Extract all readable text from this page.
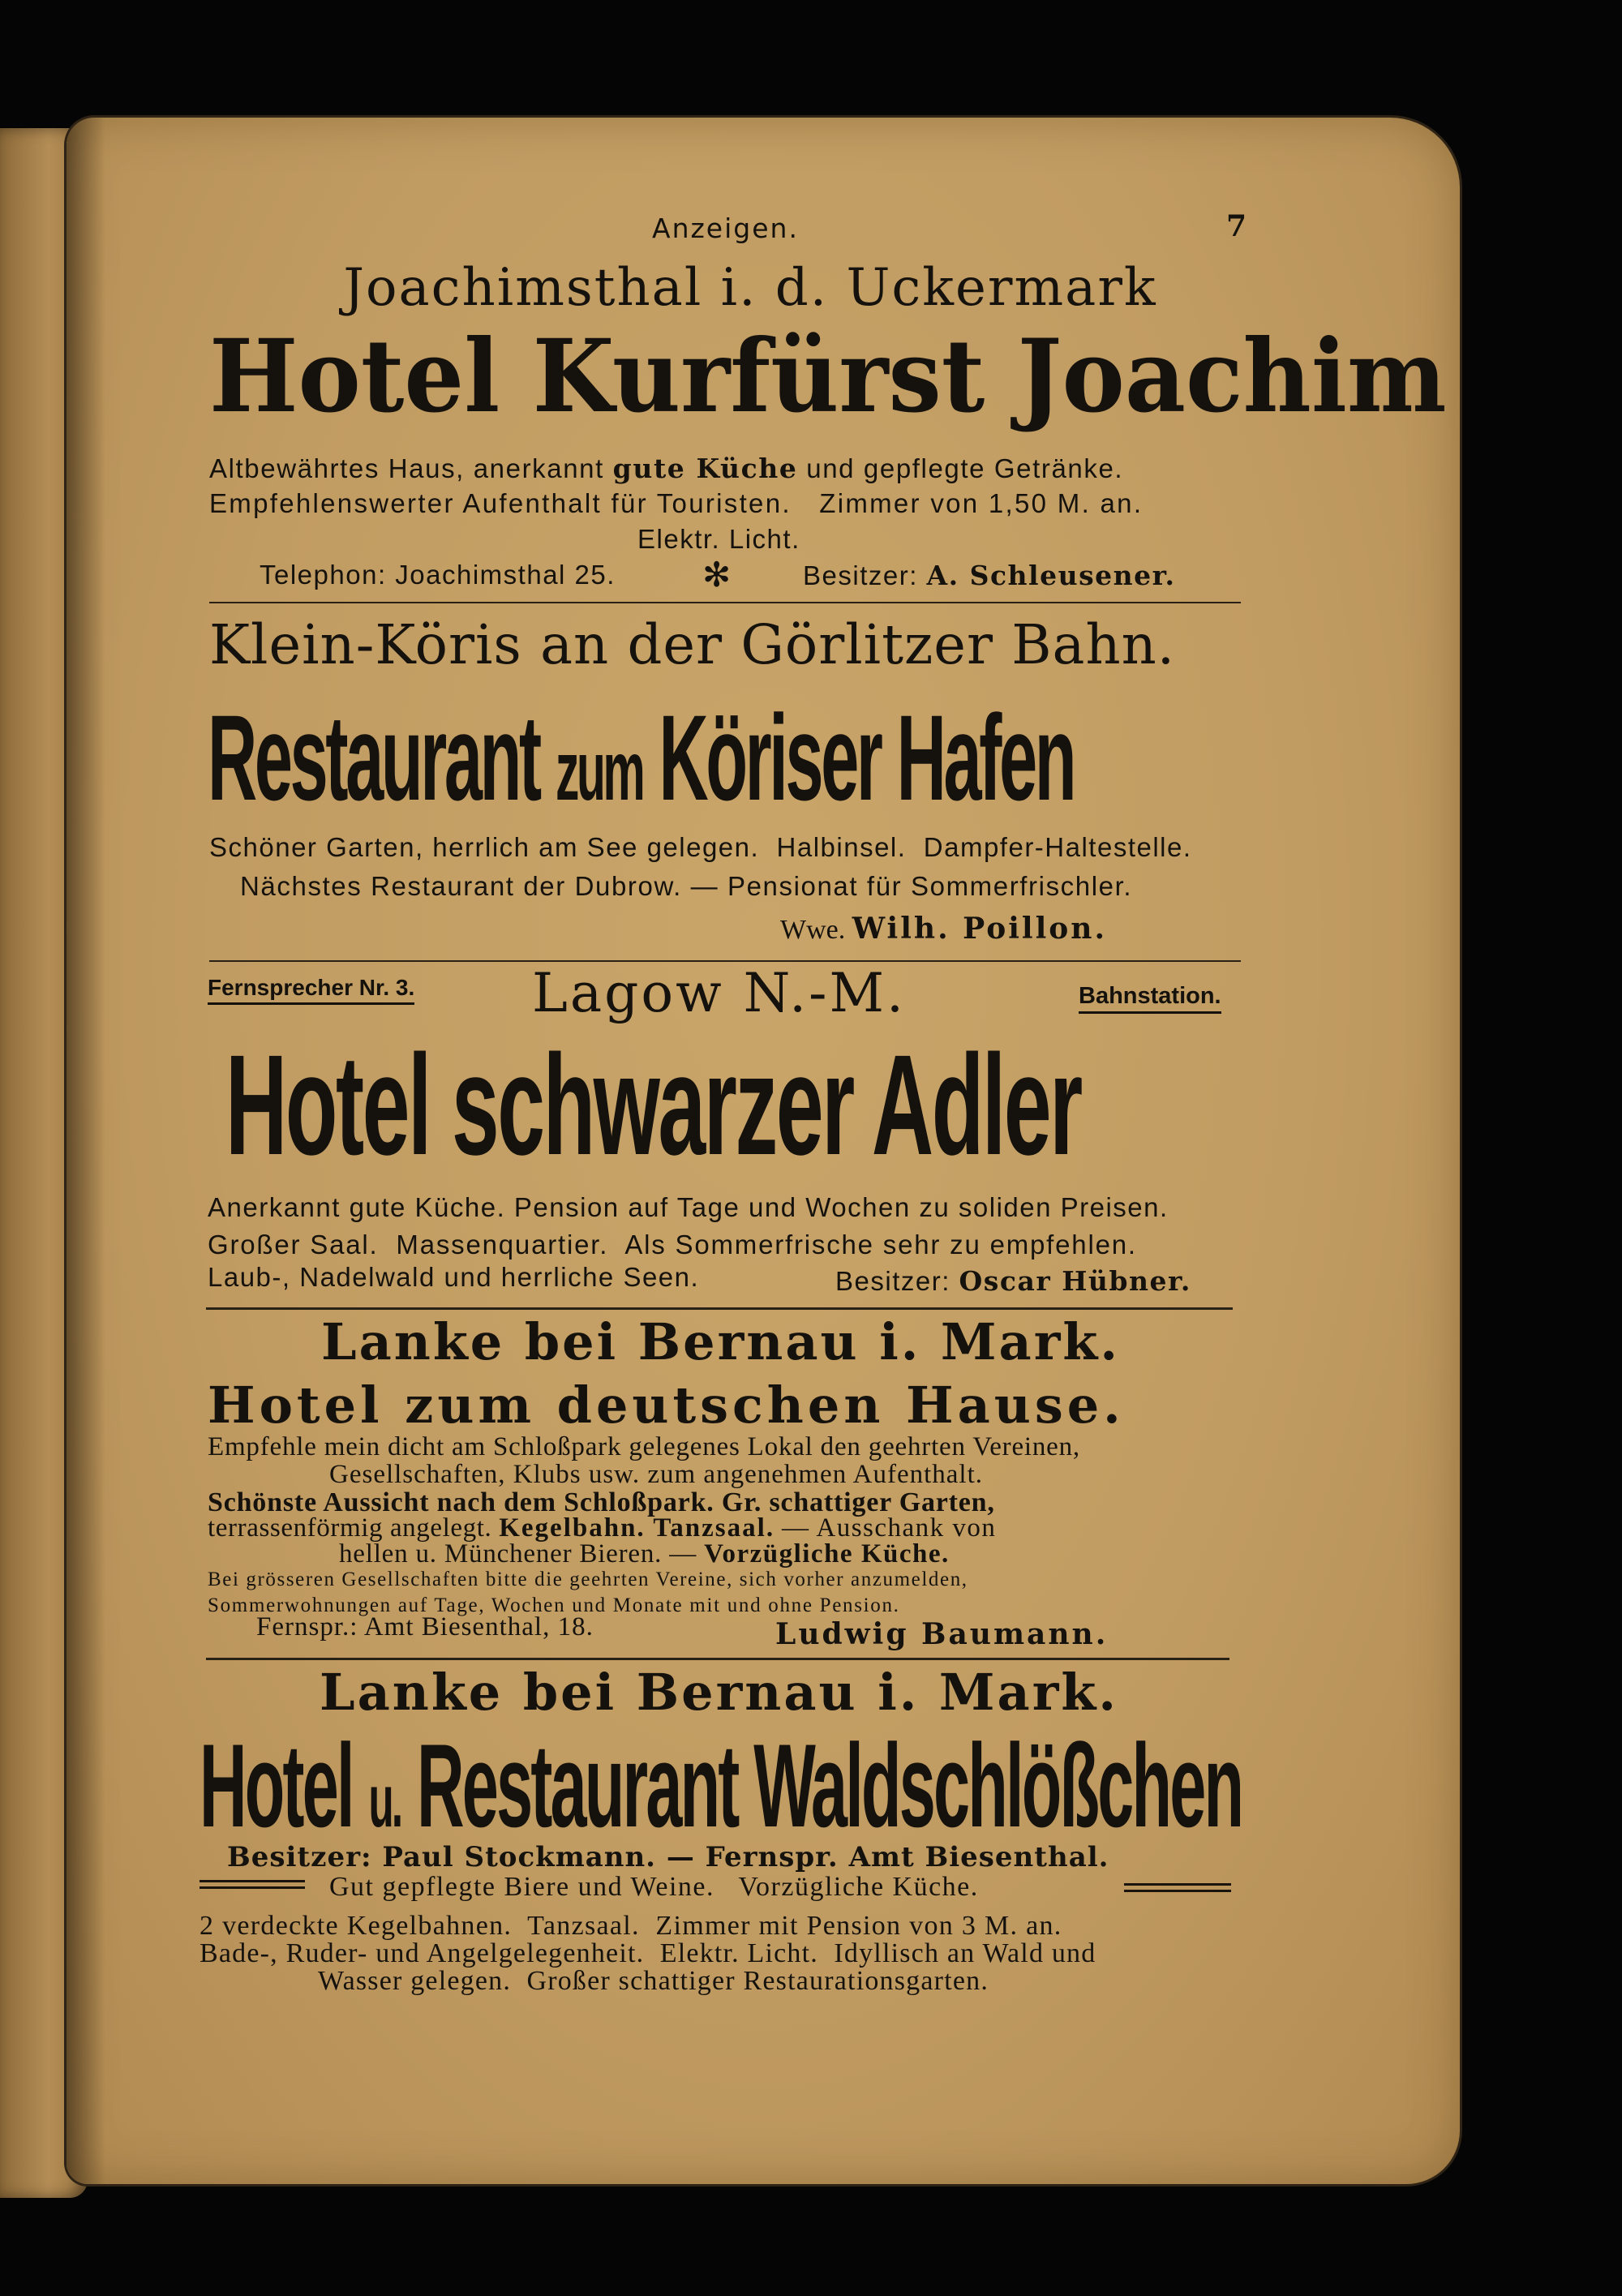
Anzeigen.	7
Joachimsthal i. d. Uckermark
Hotel Kurfürst Joachim
Altbewährtes Haus, anerkannt gute Küche und gepflegte Getränke.
Empfehlenswerter Aufenthalt für Touristen.   Zimmer von 1,50 M. an.
Elektr. Licht.
Telephon: Joachimsthal 25.	✻	Besitzer: A. Schleusener.
Klein-Köris an der Görlitzer Bahn.
Restaurant zum Köriser Hafen
Schöner Garten, herrlich am See gelegen.  Halbinsel.  Dampfer-Haltestelle.
Nächstes Restaurant der Dubrow. — Pensionat für Sommerfrischler.
Wwe. Wilh. Poillon.
Fernsprecher Nr. 3. Lagow N.-M.	Bahnstation.
Hotel schwarzer Adler
Anerkannt gute Küche. Pension auf Tage und Wochen zu soliden Preisen.
Großer Saal.  Massenquartier.  Als Sommerfrische sehr zu empfehlen.
Laub-, Nadelwald und herrliche Seen.	Besitzer: Oscar Hübner.
Lanke bei Bernau i. Mark.
Hotel zum deutschen Hause.
Empfehle mein dicht am Schloßpark gelegenes Lokal den geehrten Vereinen,
Gesellschaften, Klubs usw. zum angenehmen Aufenthalt.
Schönste Aussicht nach dem Schloßpark. Gr. schattiger Garten,
terrassenförmig angelegt. Kegelbahn. Tanzsaal. — Ausschank von
hellen u. Münchener Bieren. — Vorzügliche Küche.
Bei grösseren Gesellschaften bitte die geehrten Vereine, sich vorher anzumelden,
Sommerwohnungen auf Tage, Wochen und Monate mit und ohne Pension.
Fernspr.: Amt Biesenthal, 18.	Ludwig Baumann.
Lanke bei Bernau i. Mark.
Hotel u. Restaurant Waldschlößchen
Besitzer: Paul Stockmann. — Fernspr. Amt Biesenthal.
Gut gepflegte Biere und Weine.   Vorzügliche Küche.
2 verdeckte Kegelbahnen.  Tanzsaal.  Zimmer mit Pension von 3 M. an.
Bade-, Ruder- und Angelgelegenheit.  Elektr. Licht.  Idyllisch an Wald und
Wasser gelegen.  Großer schattiger Restaurationsgarten.
